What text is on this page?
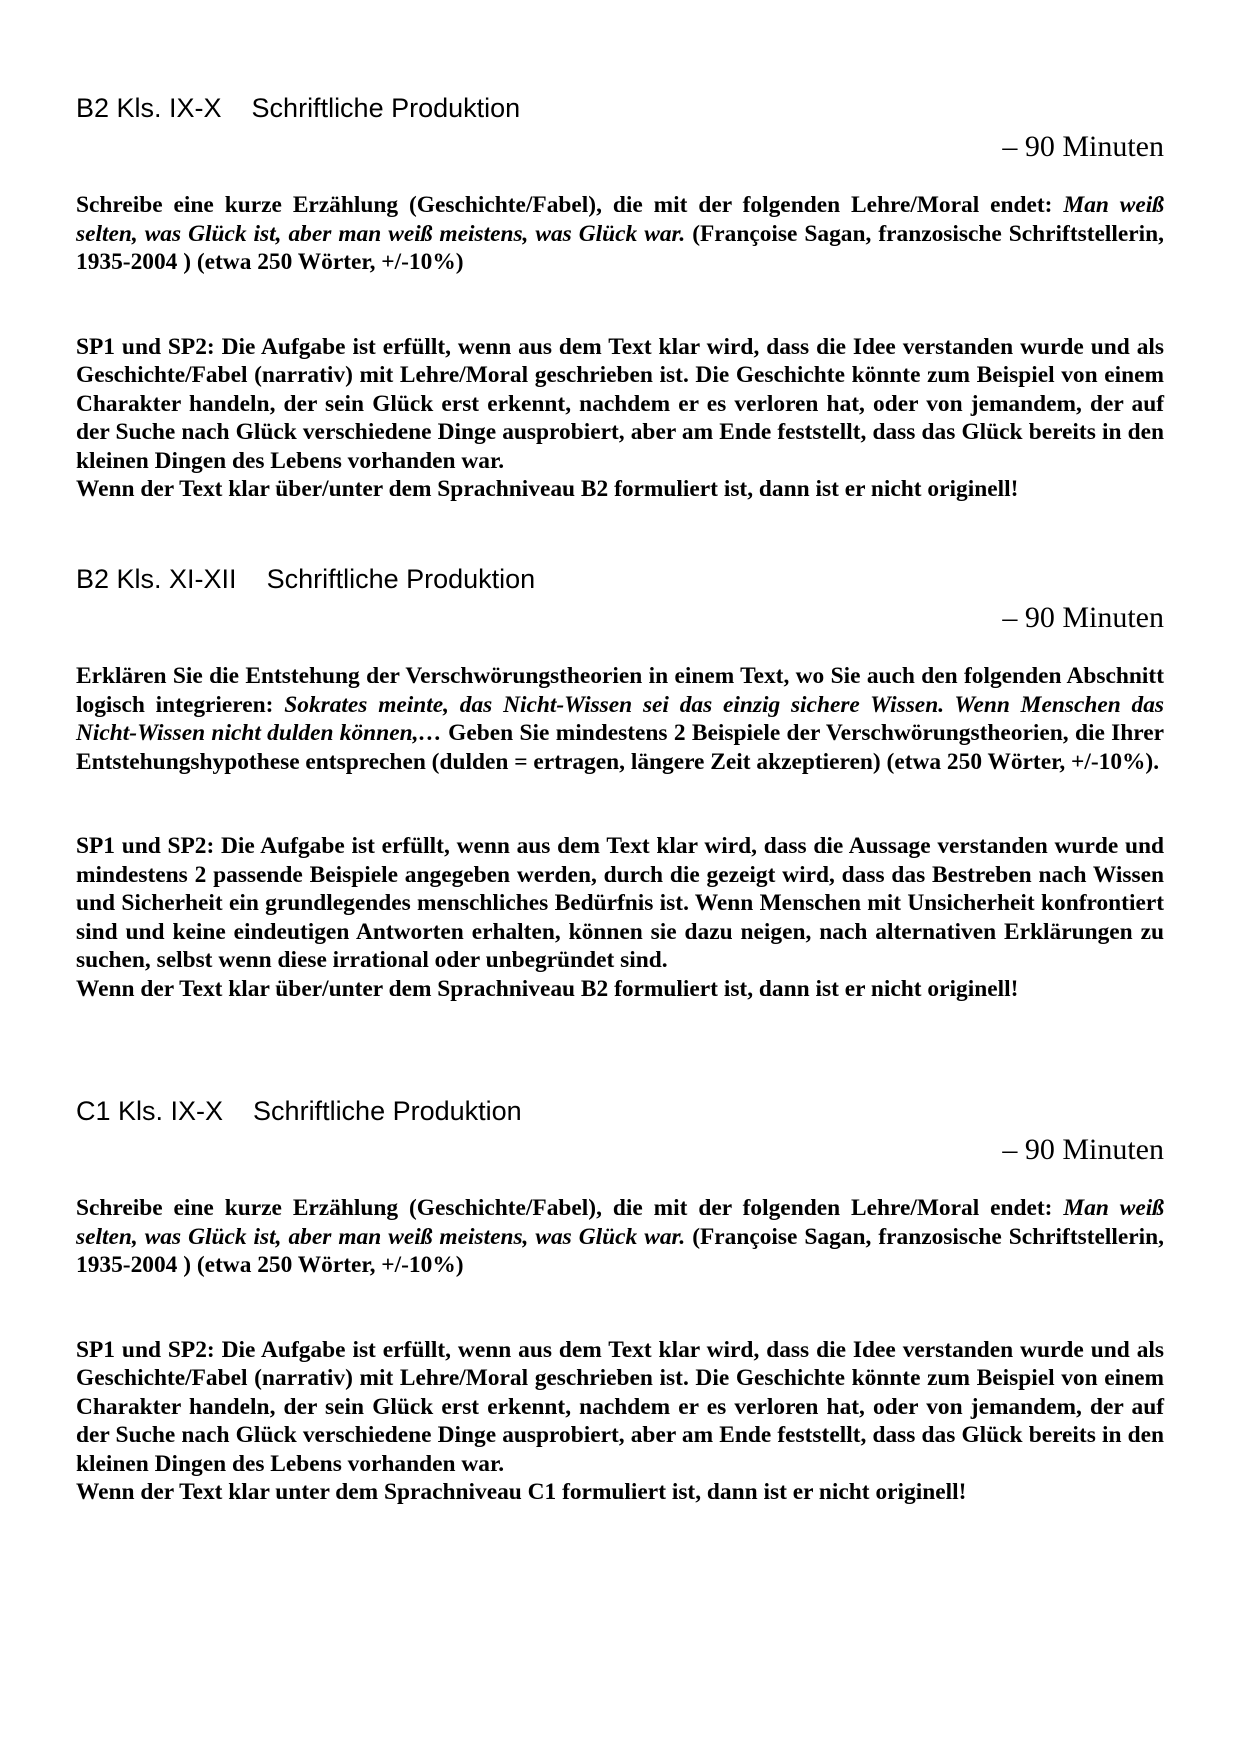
B2 Kls. IX-X Schriftliche Produktion
– 90 Minuten
Schreibe eine kurze Erzählung (Geschichte/Fabel), die mit der folgenden Lehre/Moral endet: Man weiß selten, was Glück ist, aber man weiß meistens, was Glück war. (Françoise Sagan, franzosische Schriftstellerin, 1935-2004 ) (etwa 250 Wörter, +/-10%)
SP1 und SP2: Die Aufgabe ist erfüllt, wenn aus dem Text klar wird, dass die Idee verstanden wurde und als Geschichte/Fabel (narrativ) mit Lehre/Moral geschrieben ist. Die Geschichte könnte zum Beispiel von einem Charakter handeln, der sein Glück erst erkennt, nachdem er es verloren hat, oder von jemandem, der auf der Suche nach Glück verschiedene Dinge ausprobiert, aber am Ende feststellt, dass das Glück bereits in den kleinen Dingen des Lebens vorhanden war.
Wenn der Text klar über/unter dem Sprachniveau B2 formuliert ist, dann ist er nicht originell!
B2 Kls. XI-XII Schriftliche Produktion
– 90 Minuten
Erklären Sie die Entstehung der Verschwörungstheorien in einem Text, wo Sie auch den folgenden Abschnitt logisch integrieren: Sokrates meinte, das Nicht-Wissen sei das einzig sichere Wissen. Wenn Menschen das Nicht-Wissen nicht dulden können,… Geben Sie mindestens 2 Beispiele der Verschwörungstheorien, die Ihrer Entstehungshypothese entsprechen (dulden = ertragen, längere Zeit akzeptieren) (etwa 250 Wörter, +/-10%).
SP1 und SP2: Die Aufgabe ist erfüllt, wenn aus dem Text klar wird, dass die Aussage verstanden wurde und mindestens 2 passende Beispiele angegeben werden, durch die gezeigt wird, dass das Bestreben nach Wissen und Sicherheit ein grundlegendes menschliches Bedürfnis ist. Wenn Menschen mit Unsicherheit konfrontiert sind und keine eindeutigen Antworten erhalten, können sie dazu neigen, nach alternativen Erklärungen zu suchen, selbst wenn diese irrational oder unbegründet sind.
Wenn der Text klar über/unter dem Sprachniveau B2 formuliert ist, dann ist er nicht originell!
C1 Kls. IX-X Schriftliche Produktion
– 90 Minuten
Schreibe eine kurze Erzählung (Geschichte/Fabel), die mit der folgenden Lehre/Moral endet: Man weiß selten, was Glück ist, aber man weiß meistens, was Glück war. (Françoise Sagan, franzosische Schriftstellerin, 1935-2004 ) (etwa 250 Wörter, +/-10%)
SP1 und SP2: Die Aufgabe ist erfüllt, wenn aus dem Text klar wird, dass die Idee verstanden wurde und als Geschichte/Fabel (narrativ) mit Lehre/Moral geschrieben ist. Die Geschichte könnte zum Beispiel von einem Charakter handeln, der sein Glück erst erkennt, nachdem er es verloren hat, oder von jemandem, der auf der Suche nach Glück verschiedene Dinge ausprobiert, aber am Ende feststellt, dass das Glück bereits in den kleinen Dingen des Lebens vorhanden war.
Wenn der Text klar unter dem Sprachniveau C1 formuliert ist, dann ist er nicht originell!
